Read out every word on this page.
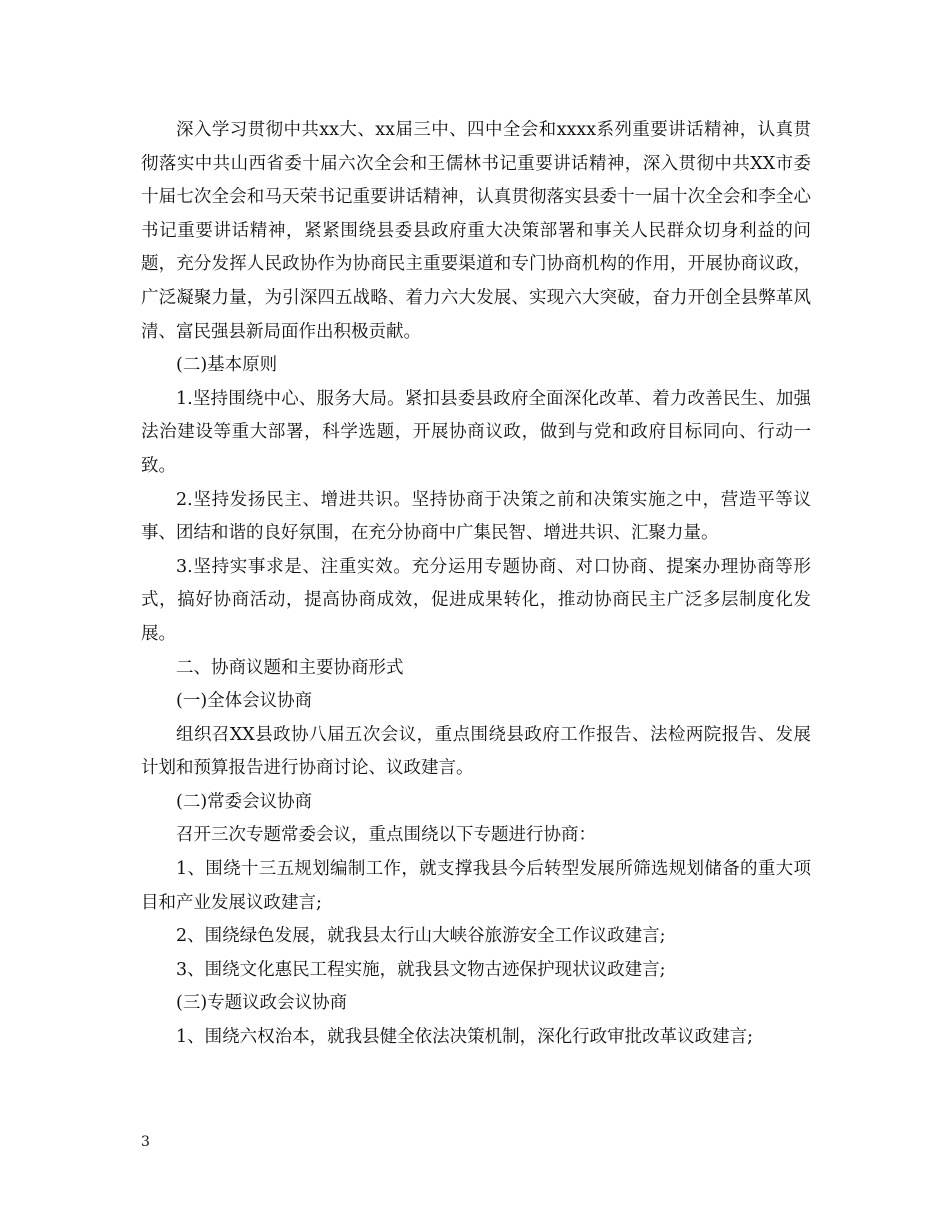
深入学习贯彻中共xx大、xx届三中、四中全会和xxxx系列重要讲话精神，认真贯彻落实中共山西省委十届六次全会和王儒林书记重要讲话精神，深入贯彻中共XX市委十届七次全会和马天荣书记重要讲话精神，认真贯彻落实县委十一届十次全会和李全心书记重要讲话精神，紧紧围绕县委县政府重大决策部署和事关人民群众切身利益的问题，充分发挥人民政协作为协商民主重要渠道和专门协商机构的作用，开展协商议政，广泛凝聚力量，为引深四五战略、着力六大发展、实现六大突破，奋力开创全县弊革风清、富民强县新局面作出积极贡献。

(二)基本原则

1.坚持围绕中心、服务大局。紧扣县委县政府全面深化改革、着力改善民生、加强法治建设等重大部署，科学选题，开展协商议政，做到与党和政府目标同向、行动一致。

2.坚持发扬民主、增进共识。坚持协商于决策之前和决策实施之中，营造平等议事、团结和谐的良好氛围，在充分协商中广集民智、增进共识、汇聚力量。

3.坚持实事求是、注重实效。充分运用专题协商、对口协商、提案办理协商等形式，搞好协商活动，提高协商成效，促进成果转化，推动协商民主广泛多层制度化发展。

二、协商议题和主要协商形式

(一)全体会议协商

组织召XX县政协八届五次会议，重点围绕县政府工作报告、法检两院报告、发展计划和预算报告进行协商讨论、议政建言。

(二)常委会议协商

召开三次专题常委会议，重点围绕以下专题进行协商：

1、围绕十三五规划编制工作，就支撑我县今后转型发展所筛选规划储备的重大项目和产业发展议政建言;

2、围绕绿色发展，就我县太行山大峡谷旅游安全工作议政建言;

3、围绕文化惠民工程实施，就我县文物古迹保护现状议政建言;

(三)专题议政会议协商

1、围绕六权治本，就我县健全依法决策机制，深化行政审批改革议政建言;

3
